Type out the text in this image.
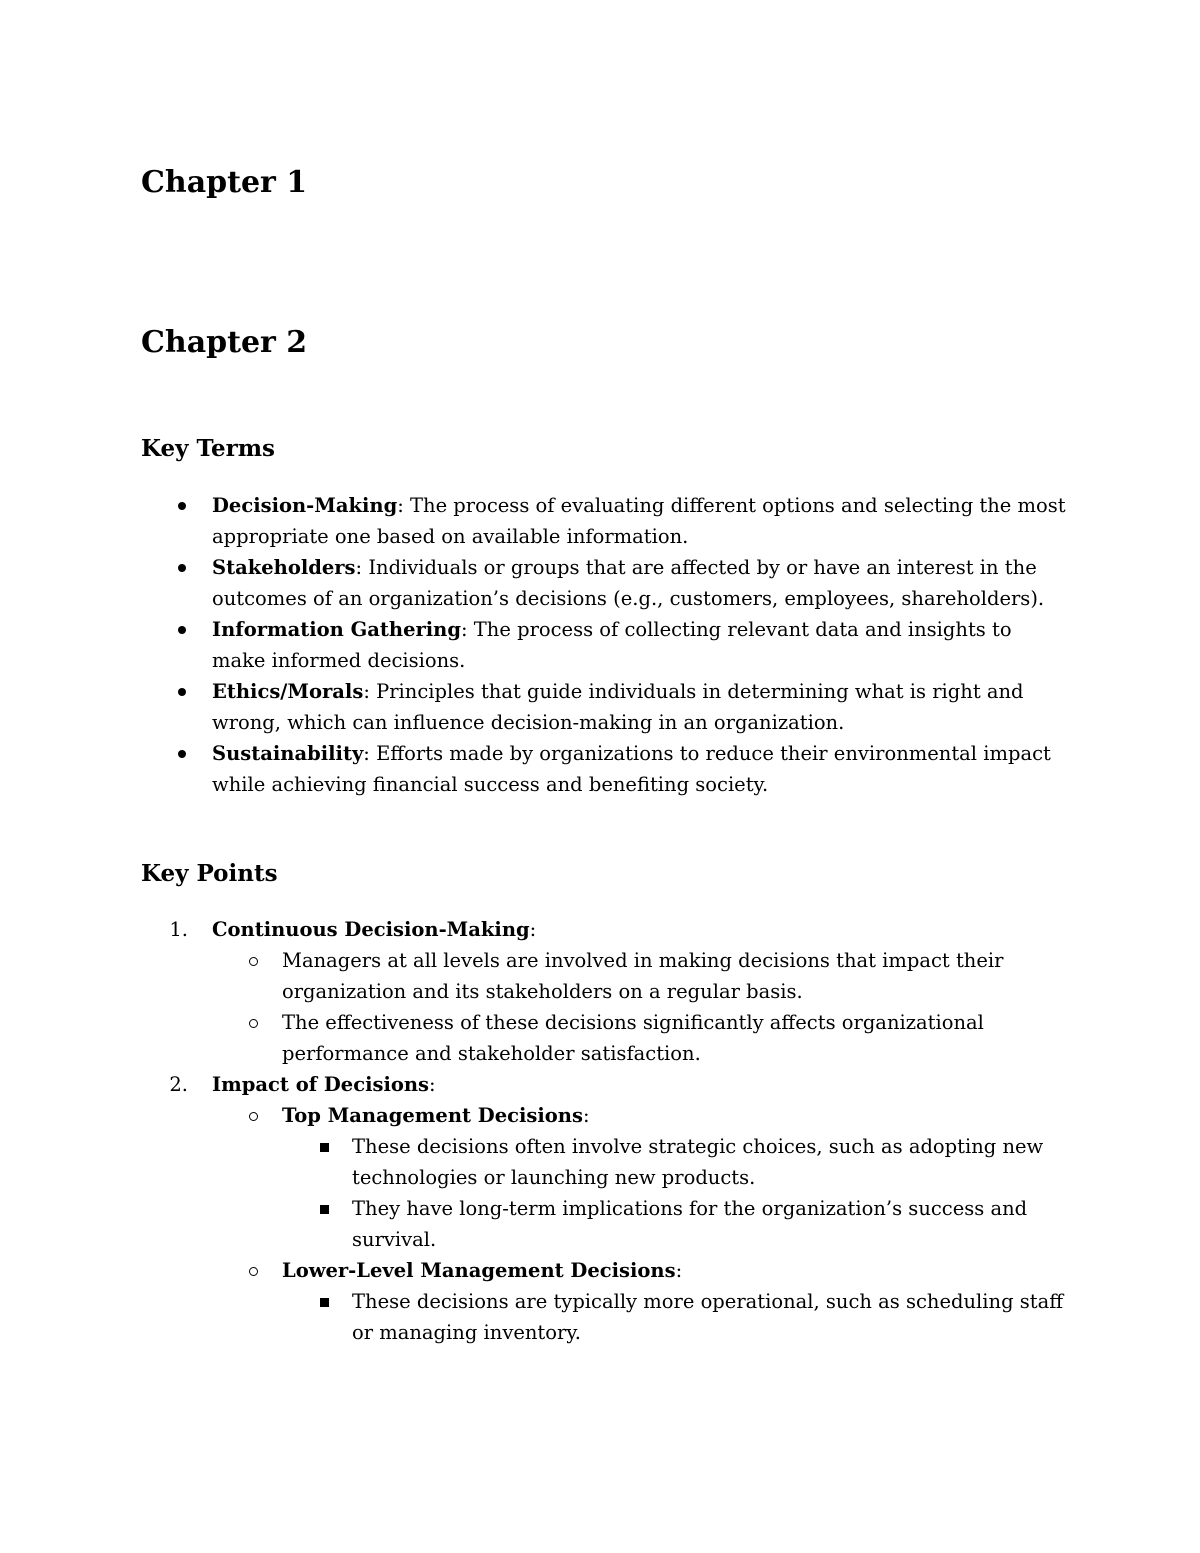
Chapter 1
Chapter 2
Key Terms
Decision-Making: The process of evaluating different options and selecting the most appropriate one based on available information.
Stakeholders: Individuals or groups that are affected by or have an interest in the outcomes of an organization’s decisions (e.g., customers, employees, shareholders).
Information Gathering: The process of collecting relevant data and insights to make informed decisions.
Ethics/Morals: Principles that guide individuals in determining what is right and wrong, which can influence decision-making in an organization.
Sustainability: Efforts made by organizations to reduce their environmental impact while achieving financial success and benefiting society.
Key Points
1. Continuous Decision-Making:
Managers at all levels are involved in making decisions that impact their organization and its stakeholders on a regular basis.
The effectiveness of these decisions significantly affects organizational performance and stakeholder satisfaction.
2. Impact of Decisions:
Top Management Decisions:
These decisions often involve strategic choices, such as adopting new technologies or launching new products.
They have long-term implications for the organization’s success and survival.
Lower-Level Management Decisions:
These decisions are typically more operational, such as scheduling staff or managing inventory.
